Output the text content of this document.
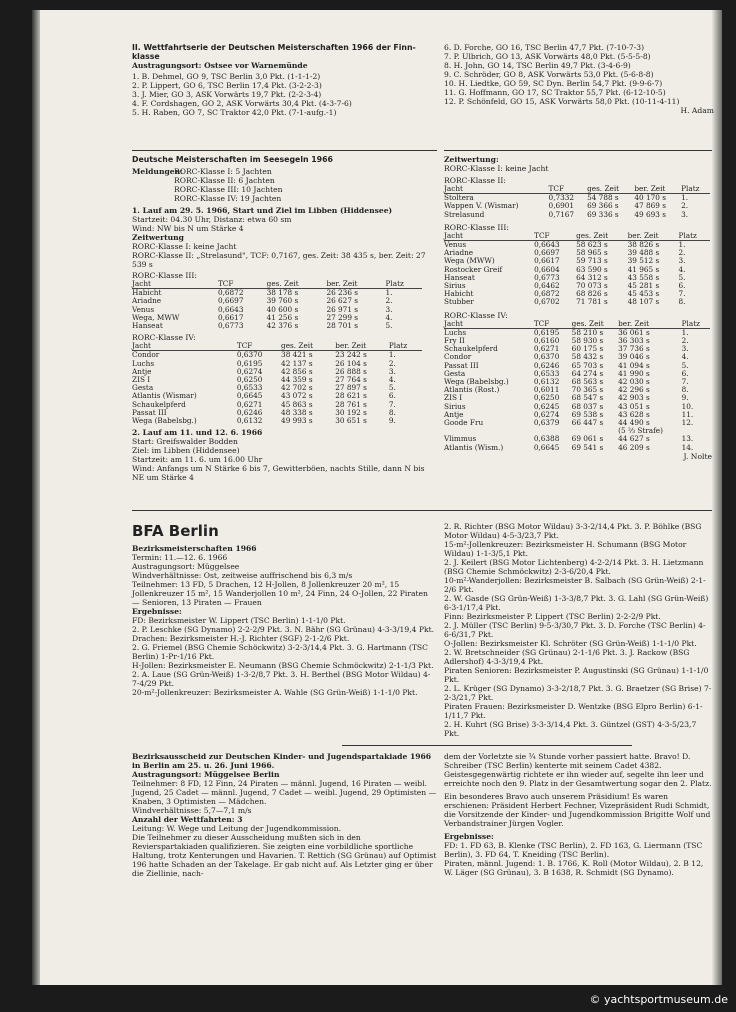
II. Wettfahrtserie der Deutschen Meisterschaften 1966 der Finn-klasse

Austragungsort: Ostsee vor Warnemünde

1. B. Dehmel, GO 9, TSC Berlin 3,0 Pkt. (1-1-1-2)

2. P. Lippert, GO 6, TSC Berlin 17,4 Pkt. (3-2-2-3)

3. J. Mier, GO 3, ASK Vorwärts 19,7 Pkt. (2-2-3-4)

4. F. Cordshagen, GO 2, ASK Vorwärts 30,4 Pkt. (4-3-7-6)

5. H. Raben, GO 7, SC Traktor 42,0 Pkt. (7-1-aufg.-1)

6. D. Forche, GO 16, TSC Berlin 47,7 Pkt. (7-10-7-3)

7. P. Ulbrich, GO 13, ASK Vorwärts 48,0 Pkt. (5-5-5-8)

8. H. John, GO 14, TSC Berlin 49,7 Pkt. (3-4-6-9)

9. C. Schröder, GO 8, ASK Vorwärts 53,0 Pkt. (5-6-8-8)

10. H. Liedtke, GO 59, SC Dyn. Berlin 54,7 Pkt. (9-9-6-7)

11. G. Hoffmann, GO 17, SC Traktor 55,7 Pkt. (6-12-10-5)

12. P. Schönfeld, GO 15, ASK Vorwärts 58,0 Pkt. (10-11-4-11)

H. Adam

Deutsche Meisterschaften im Seesegeln 1966

Meldungen:

RORC-Klasse I: 5 Jachten

RORC-Klasse II: 6 Jachten

RORC-Klasse III: 10 Jachten

RORC-Klasse IV: 19 Jachten

1. Lauf am 29. 5. 1966, Start und Ziel im Libben (Hiddensee)

Startzeit: 04.30 Uhr, Distanz: etwa 60 sm

Wind: NW bis N um Stärke 4

Zeitwertung

RORC-Klasse I: keine Jacht

RORC-Klasse II: „Strelasund", TCF: 0,7167, ges. Zeit: 38 435 s, ber. Zeit: 27 539 s

RORC-Klasse III:

Jacht	TCF	ges. Zeit	ber. Zeit	Platz
Habicht	0,6872	38 178 s	26 236 s	1.
Ariadne	0,6697	39 760 s	26 627 s	2.
Venus	0,6643	40 600 s	26 971 s	3.
Wega, MWW	0,6617	41 256 s	27 299 s	4.
Hanseat	0,6773	42 376 s	28 701 s	5.

RORC-Klasse IV:

Jacht	TCF	ges. Zeit	ber. Zeit	Platz
Condor	0,6370	38 421 s	23 242 s	1.
Luchs	0,6195	42 137 s	26 104 s	2.
Antje	0,6274	42 856 s	26 888 s	3.
ZIS I	0,6250	44 359 s	27 764 s	4.
Gesta	0,6533	42 702 s	27 897 s	5.
Atlantis (Wismar)	0,6645	43 072 s	28 621 s	6.
Schaukelpferd	0,6271	45 863 s	28 761 s	7.
Passat III	0,6246	48 338 s	30 192 s	8.
Wega (Babelsbg.)	0,6132	49 993 s	30 651 s	9.

2. Lauf am 11. und 12. 6. 1966

Start: Greifswalder Bodden

Ziel: im Libben (Hiddensee)

Startzeit: am 11. 6. um 16.00 Uhr

Wind: Anfangs um N Stärke 6 bis 7, Gewitterböen, nachts Stille, dann N bis NE um Stärke 4

Zeitwertung:

RORC-Klasse I: keine Jacht

RORC-Klasse II:

Jacht	TCF	ges. Zeit	ber. Zeit	Platz
Stoltera	0,7332	54 788 s	40 170 s	1.
Wappen V. (Wismar)	0,6901	69 366 s	47 869 s	2.
Strelasund	0,7167	69 336 s	49 693 s	3.

RORC-Klasse III:

Jacht	TCF	ges. Zeit	ber. Zeit	Platz
Venus	0,6643	58 623 s	38 826 s	1.
Ariadne	0,6697	58 965 s	39 488 s	2.
Wega (MWW)	0,6617	59 713 s	39 512 s	3.
Rostocker Greif	0,6604	63 590 s	41 965 s	4.
Hanseat	0,6773	64 312 s	43 558 s	5.
Sirius	0,6462	70 073 s	45 281 s	6.
Habicht	0,6872	68 826 s	45 453 s	7.
Stubber	0,6702	71 781 s	48 107 s	8.

RORC-Klasse IV:

Jacht	TCF	ges. Zeit	ber. Zeit	Platz
Luchs	0,6195	58 210 s	36 061 s	1.
Fry II	0,6160	58 930 s	36 303 s	2.
Schaukelpferd	0,6271	60 175 s	37 736 s	3.
Condor	0,6370	58 432 s	39 046 s	4.
Passat III	0,6246	65 703 s	41 094 s	5.
Gesta	0,6533	64 274 s	41 990 s	6.
Wega (Babelsbg.)	0,6132	68 563 s	42 030 s	7.
Atlantis (Rost.)	0,6011	70 365 s	42 296 s	8.
ZIS I	0,6250	68 547 s	42 903 s	9.
Sirius	0,6245	68 037 s	43 051 s	10.
Antje	0,6274	69 538 s	43 628 s	11.
Goode Fru	0,6379	66 447 s	44 490 s	12.
			(5 ⅔ Strafe)	
Vlimmus	0,6388	69 061 s	44 627 s	13.
Atlantis (Wism.)	0,6645	69 541 s	46 209 s	14.

J. Nolte

BFA Berlin

Bezirksmeisterschaften 1966

Termin: 11.—12. 6. 1966

Austragungsort: Müggelsee

Windverhältnisse: Ost, zeitweise auffrischend bis 6,3 m/s

Teilnehmer: 13 FD, 5 Drachen, 12 H-Jollen, 8 Jollenkreuzer 20 m², 15 Jollenkreuzer 15 m², 15 Wanderjollen 10 m², 24 Finn, 24 O-Jollen, 22 Piraten — Senioren, 13 Piraten — Frauen

Ergebnisse:

FD: Bezirksmeister W. Lippert (TSC Berlin) 1-1-1/0 Pkt.

2. P. Leschke (SG Dynamo) 2-2-2/9 Pkt. 3. N. Bähr (SG Grünau) 4-3-3/19,4 Pkt.

Drachen: Bezirksmeister H.-J. Richter (SGF) 2-1-2/6 Pkt.

2. G. Friemel (BSG Chemie Schöckwitz) 3-2-3/14,4 Pkt. 3. G. Hartmann (TSC Berlin) 1-Pr-1/16 Pkt.

H-Jollen: Bezirksmeister E. Neumann (BSG Chemie Schmöckwitz) 2-1-1/3 Pkt.

2. A. Laue (SG Grün-Weiß) 1-3-2/8,7 Pkt. 3. H. Berthel (BSG Motor Wildau) 4-7-4/29 Pkt.

20-m²-Jollenkreuzer: Bezirksmeister A. Wahle (SG Grün-Weiß) 1-1-1/0 Pkt.

2. R. Richter (BSG Motor Wildau) 3-3-2/14,4 Pkt. 3. P. Böhlke (BSG Motor Wildau) 4-5-3/23,7 Pkt.

15-m²-Jollenkreuzer: Bezirksmeister H. Schumann (BSG Motor Wildau) 1-1-3/5,1 Pkt.

2. J. Keilert (BSG Motor Lichtenberg) 4-2-2/14 Pkt. 3. H. Lietzmann (BSG Chemie Schmöckwitz) 2-3-6/20,4 Pkt.

10-m²-Wanderjollen: Bezirksmeister B. Salbach (SG Grün-Weiß) 2-1-2/6 Pkt.

2. W. Gasde (SG Grün-Weiß) 1-3-3/8,7 Pkt. 3. G. Lahl (SG Grün-Weiß) 6-3-1/17,4 Pkt.

Finn: Bezirksmeister P. Lippert (TSC Berlin) 2-2-2/9 Pkt.

2. J. Müller (TSC Berlin) 9-5-3/30,7 Pkt. 3. D. Forche (TSC Berlin) 4-6-6/31,7 Pkt.

O-Jollen: Bezirksmeister Kl. Schröter (SG Grün-Weiß) 1-1-1/0 Pkt.

2. W. Bretschneider (SG Grünau) 2-1-1/6 Pkt. 3. J. Rackow (BSG Adlershof) 4-3-3/19,4 Pkt.

Piraten Senioren: Bezirksmeister P. Augustinski (SG Grünau) 1-1-1/0 Pkt.

2. L. Krüger (SG Dynamo) 3-3-2/18,7 Pkt. 3. G. Braetzer (SG Brise) 7-2-3/21,7 Pkt.

Piraten Frauen: Bezirksmeister D. Wentzke (BSG Elpro Berlin) 6-1-1/11,7 Pkt.

2. H. Kuhrt (SG Brise) 3-3-3/14,4 Pkt. 3. Güntzel (GST) 4-3-5/23,7 Pkt.

Bezirksausscheid zur Deutschen Kinder- und Jugendspartakiade 1966 in Berlin am 25. u. 26. Juni 1966.

Austragungsort: Müggelsee Berlin

Teilnehmer: 8 FD, 12 Finn, 24 Piraten — männl. Jugend, 16 Piraten — weibl. Jugend, 25 Cadet — männl. Jugend, 7 Cadet — weibl. Jugend, 29 Optimisten — Knaben, 3 Optimisten — Mädchen.

Windverhältnisse: 5,7—7,1 m/s

Anzahl der Wettfahrten: 3

Leitung: W. Wege und Leitung der Jugendkommission.

Die Teilnehmer zu dieser Ausscheidung mußten sich in den Revierspartakiaden qualifizieren. Sie zeigten eine vorbildliche sportliche Haltung, trotz Kenterungen und Havarien. T. Rettich (SG Grünau) auf Optimist 196 hatte Schaden an der Takelage. Er gab nicht auf. Als Letzter ging er über die Ziellinie, nach-

dem der Vorletzte sie ¾ Stunde vorher passiert hatte. Bravo! D. Schreiber (TSC Berlin) kenterte mit seinem Cadet 4382. Geistesgegenwärtig richtete er ihn wieder auf, segelte ihn leer und erreichte noch den 9. Platz in der Gesamtwertung sogar den 2. Platz.

Ein besonderes Bravo auch unserem Präsidium! Es waren erschienen: Präsident Herbert Fechner, Vizepräsident Rudi Schmidt, die Vorsitzende der Kinder- und Jugendkommission Brigitte Wolf und Verbandstrainer Jürgen Vogler.

Ergebnisse:

FD: 1. FD 63, B. Klenke (TSC Berlin), 2. FD 163, G. Liermann (TSC Berlin), 3. FD 64, T. Kneiding (TSC Berlin).

Piraten, männl. Jugend: 1. B. 1766, K. Roll (Motor Wildau), 2. B 12, W. Läger (SG Grünau), 3. B 1638, R. Schmidt (SG Dynamo).

© yachtsportmuseum.de
